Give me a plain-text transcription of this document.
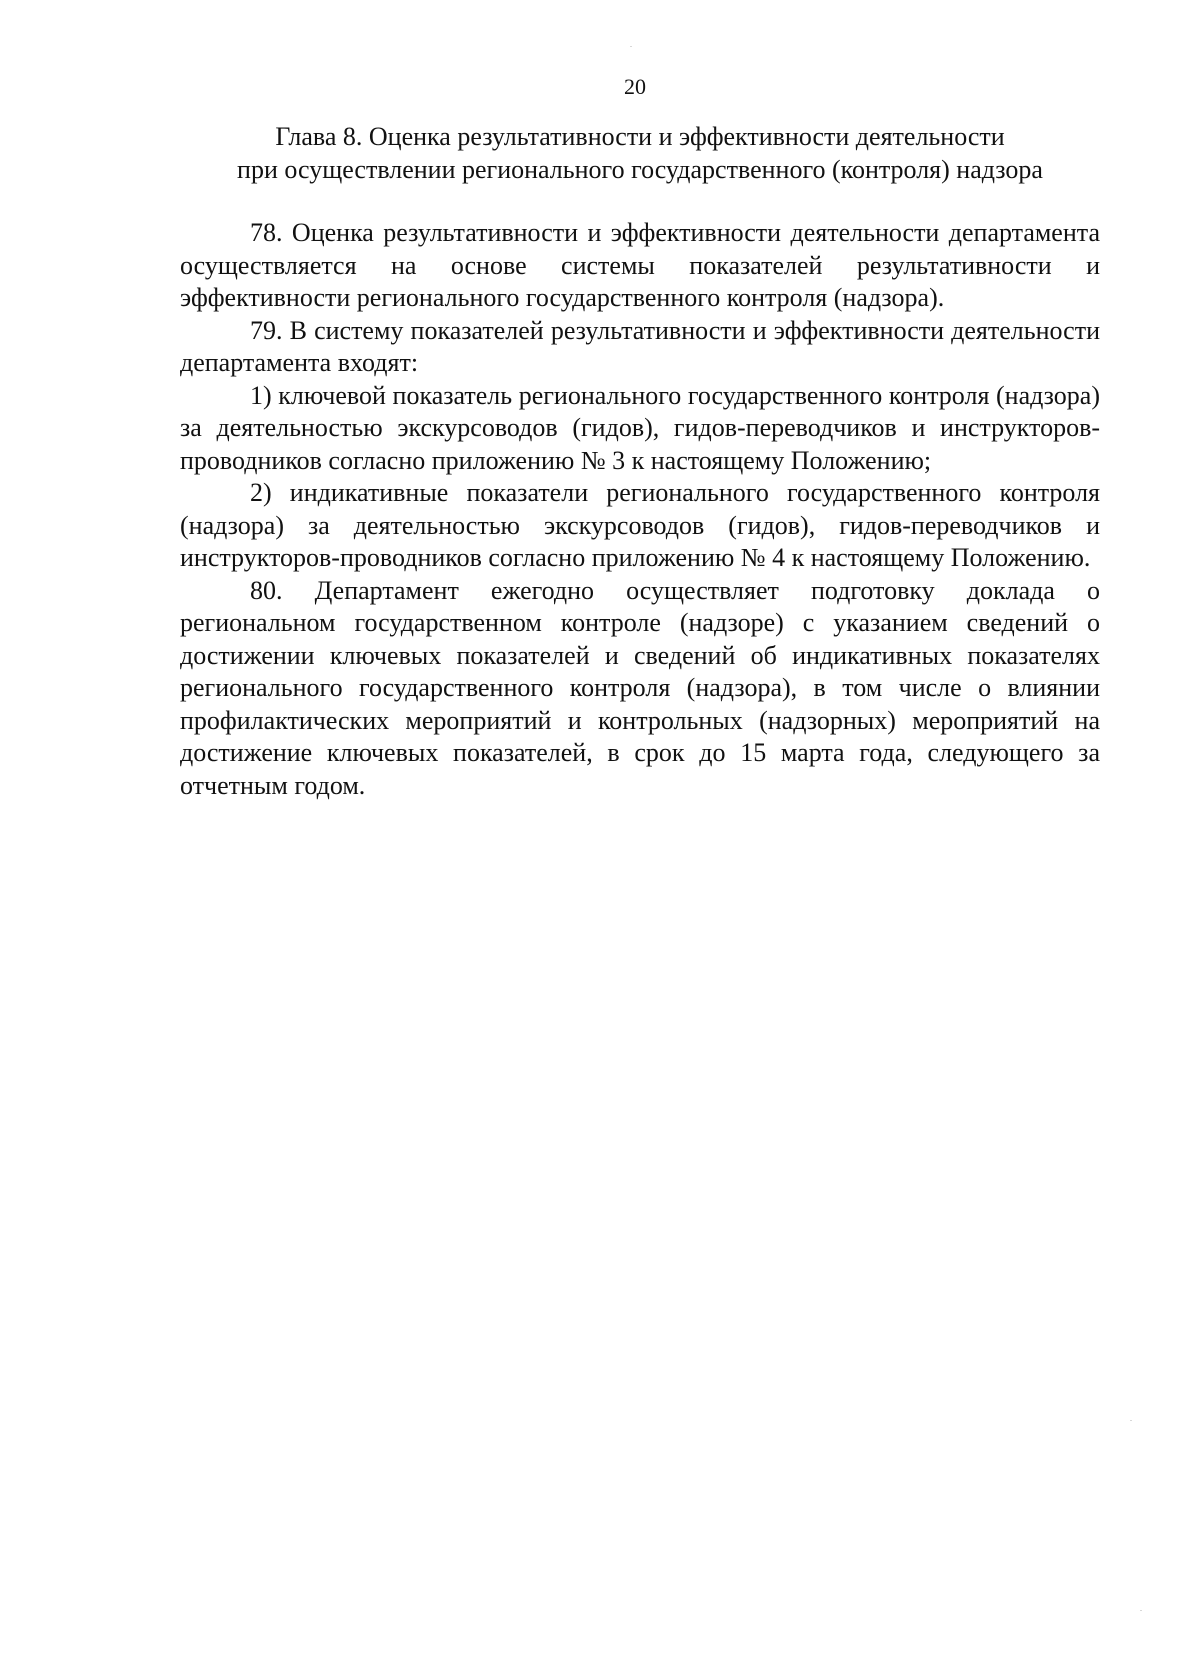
20
Глава 8. Оценка результативности и эффективности деятельности
при осуществлении регионального государственного (контроля) надзора

78. Оценка результативности и эффективности деятельности департамента осуществляется на основе системы показателей результативности и эффективности регионального государственного контроля (надзора).

79. В систему показателей результативности и эффективности деятельности департамента входят:

1) ключевой показатель регионального государственного контроля (надзора) за деятельностью экскурсоводов (гидов), гидов-переводчиков и инструкторов-проводников согласно приложению № 3 к настоящему Положению;

2) индикативные показатели регионального государственного контроля (надзора) за деятельностью экскурсоводов (гидов), гидов-переводчиков и инструкторов-проводников согласно приложению № 4 к настоящему Положению.

80. Департамент ежегодно осуществляет подготовку доклада о региональном государственном контроле (надзоре) с указанием сведений о достижении ключевых показателей и сведений об индикативных показателях регионального государственного контроля (надзора), в том числе о влиянии профилактических мероприятий и контрольных (надзорных) мероприятий на достижение ключевых показателей, в срок до 15 марта года, следующего за отчетным годом.
